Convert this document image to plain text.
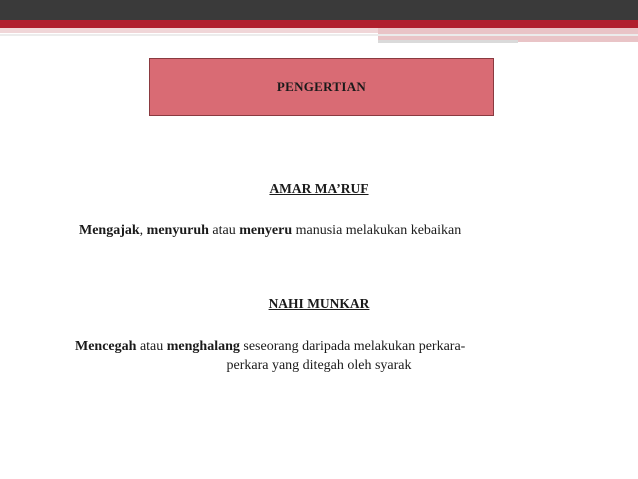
PENGERTIAN
AMAR MA’RUF
Mengajak, menyuruh atau menyeru manusia melakukan kebaikan
NAHI MUNKAR
Mencegah atau menghalang seseorang daripada melakukan perkara-
perkara yang ditegah oleh syarak
